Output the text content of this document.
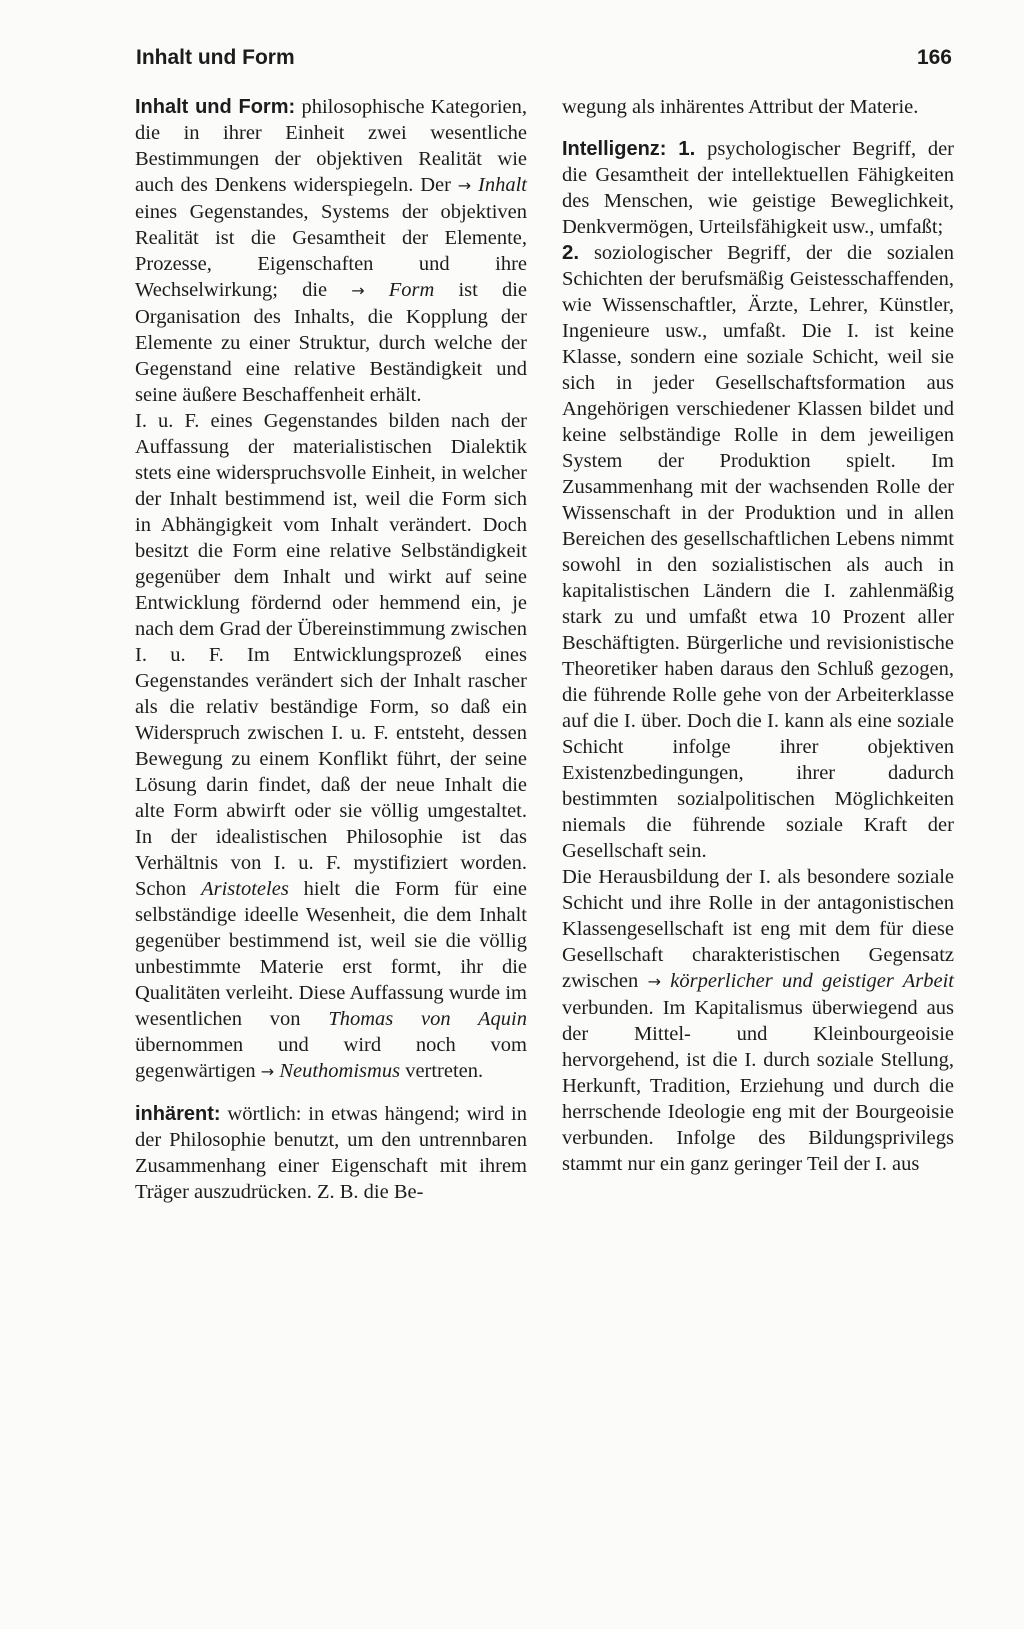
Inhalt und Form	166

Inhalt und Form: philosophische Kategorien, die in ihrer Einheit zwei wesentliche Bestimmungen der objektiven Realität wie auch des Denkens widerspiegeln. Der → Inhalt eines Gegenstandes, Systems der objektiven Realität ist die Gesamtheit der Elemente, Prozesse, Eigenschaften und ihre Wechselwirkung; die → Form ist die Organisation des Inhalts, die Kopplung der Elemente zu einer Struktur, durch welche der Gegenstand eine relative Beständigkeit und seine äußere Beschaffenheit erhält.

I. u. F. eines Gegenstandes bilden nach der Auffassung der materialistischen Dialektik stets eine widerspruchsvolle Einheit, in welcher der Inhalt bestimmend ist, weil die Form sich in Abhängigkeit vom Inhalt verändert. Doch besitzt die Form eine relative Selbständigkeit gegenüber dem Inhalt und wirkt auf seine Entwicklung fördernd oder hemmend ein, je nach dem Grad der Übereinstimmung zwischen I. u. F. Im Entwicklungsprozeß eines Gegenstandes verändert sich der Inhalt rascher als die relativ beständige Form, so daß ein Widerspruch zwischen I. u. F. entsteht, dessen Bewegung zu einem Konflikt führt, der seine Lösung darin findet, daß der neue Inhalt die alte Form abwirft oder sie völlig umgestaltet. In der idealistischen Philosophie ist das Verhältnis von I. u. F. mystifiziert worden. Schon Aristoteles hielt die Form für eine selbständige ideelle Wesenheit, die dem Inhalt gegenüber bestimmend ist, weil sie die völlig unbestimmte Materie erst formt, ihr die Qualitäten verleiht. Diese Auffassung wurde im wesentlichen von Thomas von Aquin übernommen und wird noch vom gegenwärtigen → Neuthomismus vertreten.

inhärent: wörtlich: in etwas hängend; wird in der Philosophie benutzt, um den untrennbaren Zusammenhang einer Eigenschaft mit ihrem Träger auszudrücken. Z. B. die Be-

wegung als inhärentes Attribut der Materie.

Intelligenz: 1. psychologischer Begriff, der die Gesamtheit der intellektuellen Fähigkeiten des Menschen, wie geistige Beweglichkeit, Denkvermögen, Urteilsfähigkeit usw., umfaßt;

2. soziologischer Begriff, der die sozialen Schichten der berufsmäßig Geistesschaffenden, wie Wissenschaftler, Ärzte, Lehrer, Künstler, Ingenieure usw., umfaßt. Die I. ist keine Klasse, sondern eine soziale Schicht, weil sie sich in jeder Gesellschaftsformation aus Angehörigen verschiedener Klassen bildet und keine selbständige Rolle in dem jeweiligen System der Produktion spielt. Im Zusammenhang mit der wachsenden Rolle der Wissenschaft in der Produktion und in allen Bereichen des gesellschaftlichen Lebens nimmt sowohl in den sozialistischen als auch in kapitalistischen Ländern die I. zahlenmäßig stark zu und umfaßt etwa 10 Prozent aller Beschäftigten. Bürgerliche und revisionistische Theoretiker haben daraus den Schluß gezogen, die führende Rolle gehe von der Arbeiterklasse auf die I. über. Doch die I. kann als eine soziale Schicht infolge ihrer objektiven Existenzbedingungen, ihrer dadurch bestimmten sozialpolitischen Möglichkeiten niemals die führende soziale Kraft der Gesellschaft sein.

Die Herausbildung der I. als besondere soziale Schicht und ihre Rolle in der antagonistischen Klassengesellschaft ist eng mit dem für diese Gesellschaft charakteristischen Gegensatz zwischen → körperlicher und geistiger Arbeit verbunden. Im Kapitalismus überwiegend aus der Mittel- und Kleinbourgeoisie hervorgehend, ist die I. durch soziale Stellung, Herkunft, Tradition, Erziehung und durch die herrschende Ideologie eng mit der Bourgeoisie verbunden. Infolge des Bildungsprivilegs stammt nur ein ganz geringer Teil der I. aus
